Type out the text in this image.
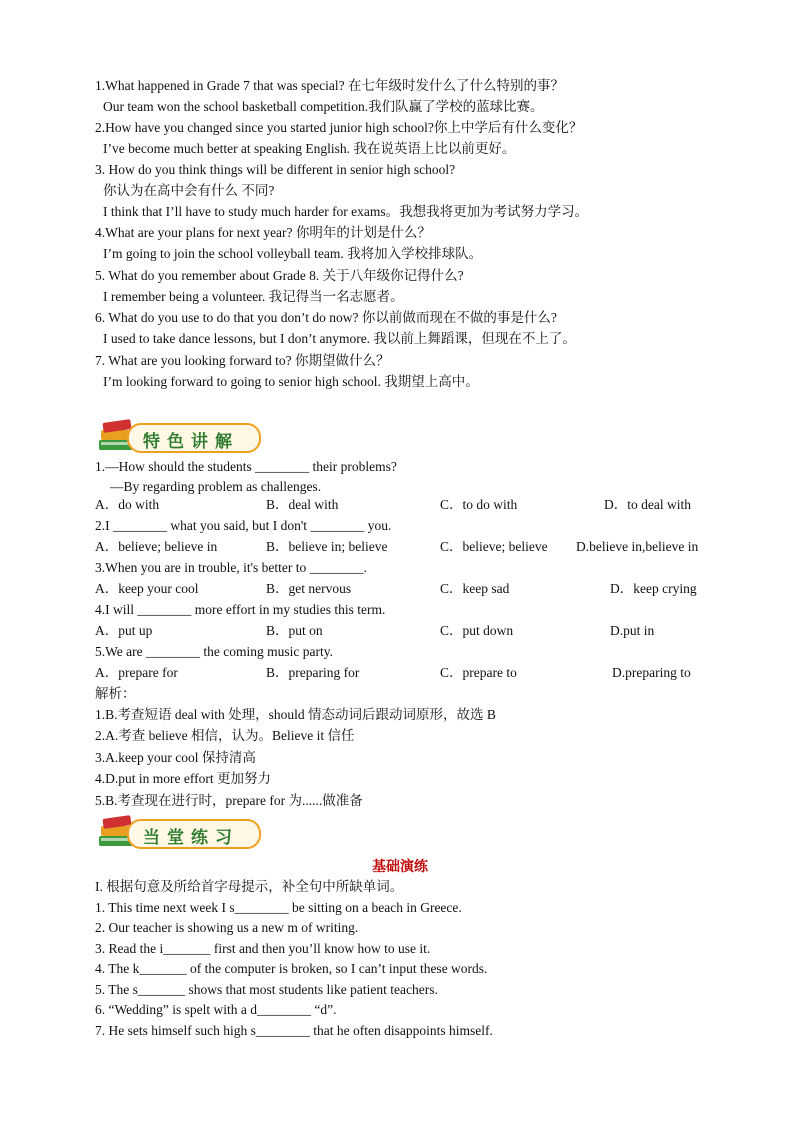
1.What happened in Grade 7 that was special? 在七年级时发什么了什么特别的事？
Our team won the school basketball competition.我们队赢了学校的蓝球比赛。
2.How have you changed since you started junior high school?你上中学后有什么变化？
I’ve become much better at speaking English. 我在说英语上比以前更好。
3. How do you think things will be different in senior high school?
你认为在高中会有什么 不同?
I think that I’ll have to study much harder for exams。我想我将更加为考试努力学习。
4.What are your plans for next year? 你明年的计划是什么？
I’m going to join the school volleyball team. 我将加入学校排球队。
5. What do you remember about Grade 8. 关于八年级你记得什么?
I remember being a volunteer. 我记得当一名志愿者。
6. What do you use to do that you don’t do now? 你以前做而现在不做的事是什么?
I used to take dance lessons, but I don’t anymore. 我以前上舞蹈课，但现在不上了。
7. What are you looking forward to? 你期望做什么？
I’m looking forward to going to senior high school. 我期望上高中。
特色讲解
1.—How should the students ________ their problems?
—By regarding problem as challenges.
A．do with	B．deal with	C．to do with	D．to deal with
2.I ________ what you said, but I don't ________ you.
A．believe; believe in	B．believe in; believe	C．believe; believe D.believe in,believe in
3.When you are in trouble, it's better to ________.
A．keep your cool	B．get nervous	C．keep sad	D．keep crying
4.I will ________ more effort in my studies this term.
A．put up	B．put on	C．put down	D.put in
5.We are ________ the coming music party.
A．prepare for	B．preparing for	C．prepare to	D.preparing to
解析：
1.B.考查短语 deal with 处理，should 情态动词后跟动词原形，故选 B
2.A.考查 believe 相信，认为。Believe it 信任
3.A.keep your cool 保持清高
4.D.put in more effort 更加努力
5.B.考查现在进行时，prepare for 为......做准备
当堂练习
基础演练
I. 根据句意及所给首字母提示，补全句中所缺单词。
1. This time next week I s________ be sitting on a beach in Greece.
2. Our teacher is showing us a new m of writing.
3. Read the i_______ first and then you’ll know how to use it.
4. The k_______ of the computer is broken, so I can’t input these words.
5. The s_______ shows that most students like patient teachers.
6. “Wedding” is spelt with a d________ “d”.
7. He sets himself such high s________ that he often disappoints himself.
